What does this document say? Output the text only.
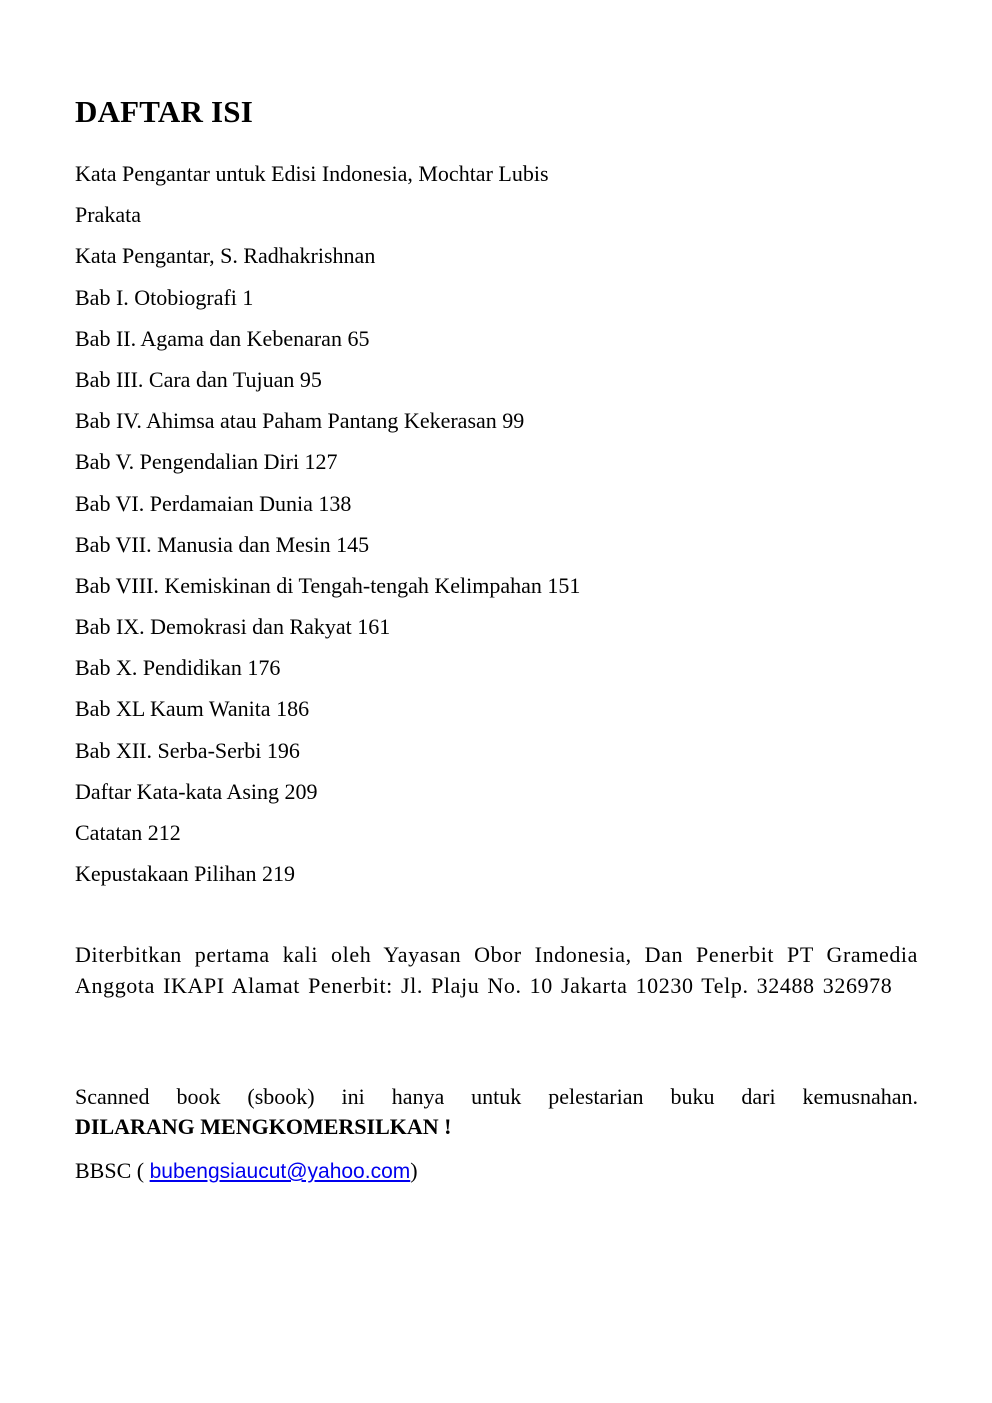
DAFTAR ISI
Kata Pengantar untuk Edisi Indonesia, Mochtar Lubis
Prakata
Kata Pengantar, S. Radhakrishnan
Bab I. Otobiografi 1
Bab II. Agama dan Kebenaran 65
Bab III. Cara dan Tujuan 95
Bab IV. Ahimsa atau Paham Pantang Kekerasan 99
Bab V. Pengendalian Diri 127
Bab VI. Perdamaian Dunia 138
Bab VII. Manusia dan Mesin 145
Bab VIII. Kemiskinan di Tengah-tengah Kelimpahan 151
Bab IX. Demokrasi dan Rakyat 161
Bab X. Pendidikan 176
Bab XL Kaum Wanita 186
Bab XII. Serba-Serbi 196
Daftar Kata-kata Asing 209
Catatan 212
Kepustakaan Pilihan 219

Diterbitkan pertama kali oleh Yayasan Obor Indonesia, Dan Penerbit PT Gramedia Anggota IKAPI Alamat Penerbit: Jl. Plaju No. 10 Jakarta 10230 Telp. 32488 326978

Scanned book (sbook) ini hanya untuk pelestarian buku dari kemusnahan.
DILARANG MENGKOMERSILKAN !

BBSC ( bubengsiaucut@yahoo.com)
